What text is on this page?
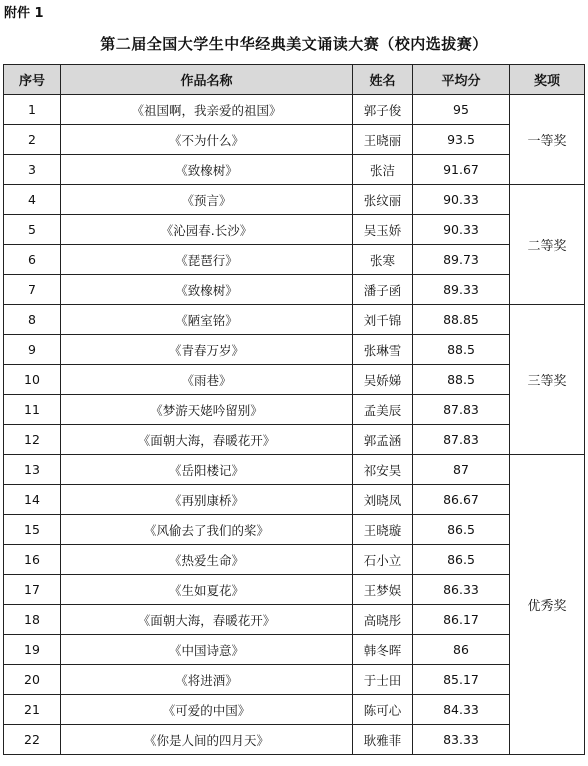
附件 1
第二届全国大学生中华经典美文诵读大赛（校内选拔赛）
序号	作品名称	姓名	平均分	奖项
1	《祖国啊，我亲爱的祖国》	郭子俊	95	一等奖
2	《不为什么》	王晓丽	93.5	
3	《致橡树》	张洁	91.67	
4	《预言》	张纹丽	90.33	二等奖
5	《沁园春.长沙》	吴玉娇	90.33	
6	《琵琶行》	张寒	89.73	
7	《致橡树》	潘子函	89.33	
8	《陋室铭》	刘千锦	88.85	三等奖
9	《青春万岁》	张琳雪	88.5	
10	《雨巷》	吴娇娣	88.5	
11	《梦游天姥吟留别》	孟美辰	87.83	
12	《面朝大海，春暖花开》	郭孟涵	87.83	
13	《岳阳楼记》	祁安昊	87	优秀奖
14	《再别康桥》	刘晓凤	86.67	
15	《风偷去了我们的桨》	王晓璇	86.5	
16	《热爱生命》	石小立	86.5	
17	《生如夏花》	王梦娱	86.33	
18	《面朝大海，春暖花开》	高晓彤	86.17	
19	《中国诗意》	韩冬晖	86	
20	《将进酒》	于士田	85.17	
21	《可爱的中国》	陈可心	84.33	
22	《你是人间的四月天》	耿雅菲	83.33	
